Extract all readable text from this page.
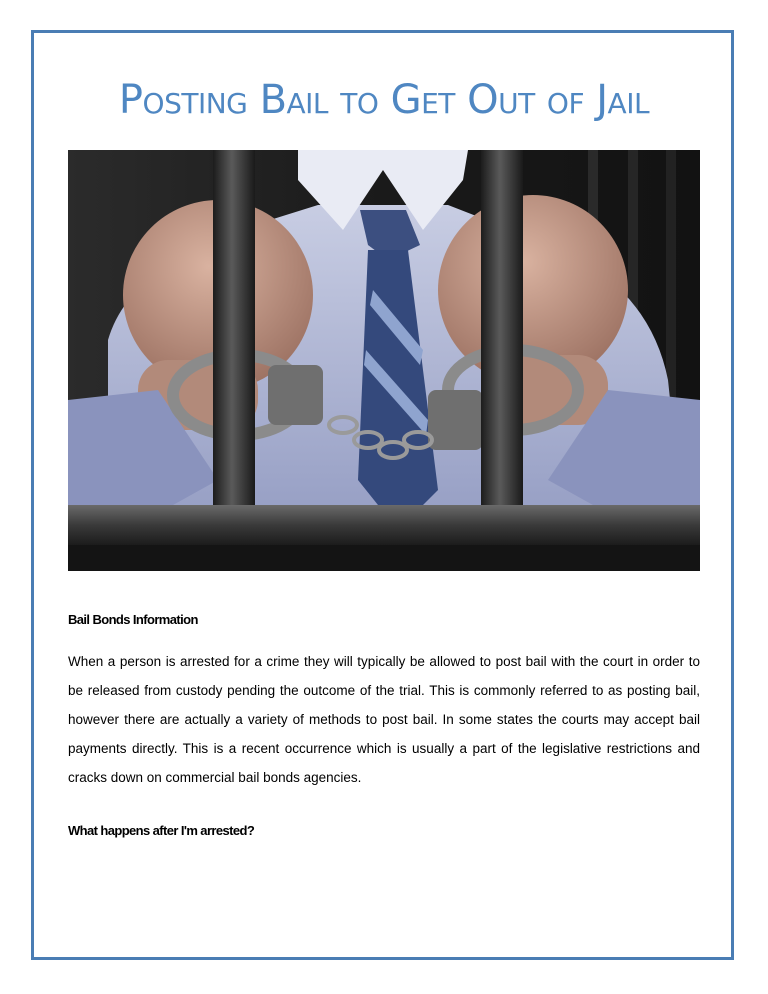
Posting Bail to Get Out of Jail
Bail Bonds Information

When a person is arrested for a crime they will typically be allowed to post bail with the court in order to be released from custody pending the outcome of the trial. This is commonly referred to as posting bail, however there are actually a variety of methods to post bail. In some states the courts may accept bail payments directly. This is a recent occurrence which is usually a part of the legislative restrictions and cracks down on commercial bail bonds agencies.

What happens after I'm arrested?
